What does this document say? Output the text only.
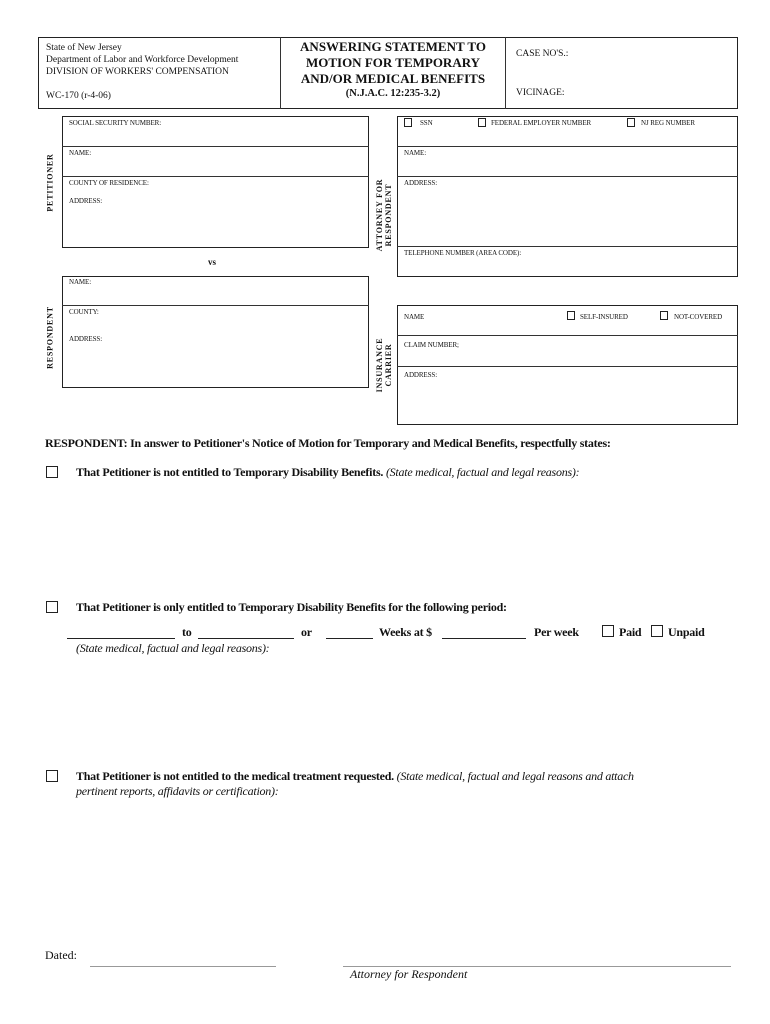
State of New Jersey
Department of Labor and Workforce Development
DIVISION OF WORKERS' COMPENSATION
WC-170 (r-4-06)
ANSWERING STATEMENT TO
MOTION FOR TEMPORARY
AND/OR MEDICAL BENEFITS
(N.J.A.C. 12:235-3.2)
CASE NO'S.:
VICINAGE:
PETITIONER
SOCIAL SECURITY NUMBER:
NAME:
COUNTY OF RESIDENCE:
ADDRESS:
vs
ATTORNEY FOR RESPONDENT
SSN	FEDERAL EMPLOYER NUMBER	NJ REG NUMBER
NAME:
ADDRESS:
TELEPHONE NUMBER (AREA CODE):
RESPONDENT
NAME:
COUNTY:
ADDRESS:	INSURANCE CARRIER
NAME	SELF-INSURED	NOT-COVERED
CLAIM NUMBER;
ADDRESS:
RESPONDENT: In answer to Petitioner's Notice of Motion for Temporary and Medical Benefits, respectfully states:
That Petitioner is not entitled to Temporary Disability Benefits. (State medical, factual and legal reasons):
That Petitioner is only entitled to Temporary Disability Benefits for the following period:
to	or	Weeks at $	Per week	Paid Unpaid
(State medical, factual and legal reasons):
That Petitioner is not entitled to the medical treatment requested. (State medical, factual and legal reasons and attach
pertinent reports, affidavits or certification):
Dated:
Attorney for Respondent
